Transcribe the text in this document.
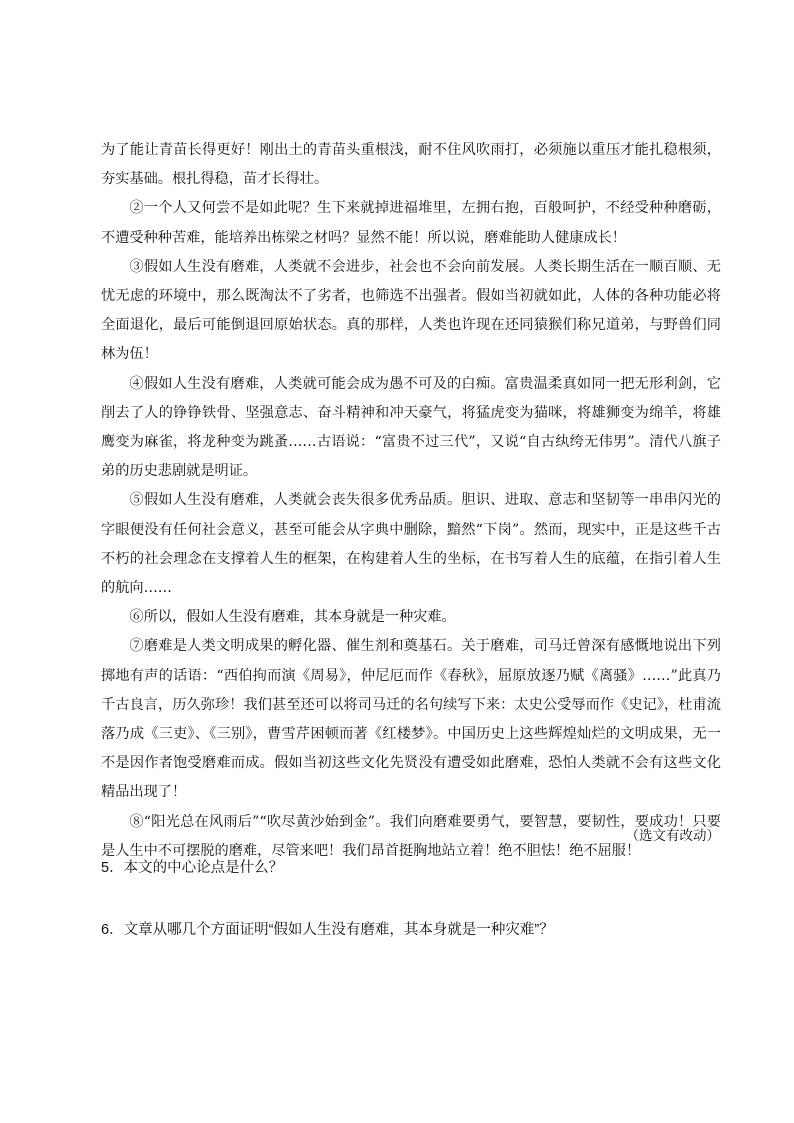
为了能让青苗长得更好！刚出土的青苗头重根浅，耐不住风吹雨打，必须施以重压才能扎稳根须，夯实基础。根扎得稳，苗才长得壮。

②一个人又何尝不是如此呢？生下来就掉进福堆里，左拥右抱，百般呵护，不经受种种磨砺，不遭受种种苦难，能培养出栋梁之材吗？显然不能！所以说，磨难能助人健康成长！

③假如人生没有磨难，人类就不会进步，社会也不会向前发展。人类长期生活在一顺百顺、无忧无虑的环境中，那么既淘汰不了劣者，也筛选不出强者。假如当初就如此，人体的各种功能必将全面退化，最后可能倒退回原始状态。真的那样，人类也许现在还同猿猴们称兄道弟，与野兽们同林为伍！

④假如人生没有磨难，人类就可能会成为愚不可及的白痴。富贵温柔真如同一把无形利剑，它削去了人的铮铮铁骨、坚强意志、奋斗精神和冲天豪气，将猛虎变为猫咪，将雄狮变为绵羊，将雄鹰变为麻雀，将龙种变为跳蚤……古语说：“富贵不过三代”，又说“自古纨绔无伟男”。清代八旗子弟的历史悲剧就是明证。

⑤假如人生没有磨难，人类就会丧失很多优秀品质。胆识、进取、意志和坚韧等一串串闪光的字眼便没有任何社会意义，甚至可能会从字典中删除，黯然“下岗”。然而，现实中，正是这些千古不朽的社会理念在支撑着人生的框架，在构建着人生的坐标，在书写着人生的底蕴，在指引着人生的航向……

⑥所以，假如人生没有磨难，其本身就是一种灾难。

⑦磨难是人类文明成果的孵化器、催生剂和奠基石。关于磨难，司马迁曾深有感慨地说出下列掷地有声的话语：“西伯拘而演《周易》，仲尼厄而作《春秋》，屈原放逐乃赋《离骚》……”此真乃千古良言，历久弥珍！我们甚至还可以将司马迁的名句续写下来：太史公受辱而作《史记》，杜甫流落乃成《三吏》、《三别》，曹雪芹困顿而著《红楼梦》。中国历史上这些辉煌灿烂的文明成果，无一不是因作者饱受磨难而成。假如当初这些文化先贤没有遭受如此磨难，恐怕人类就不会有这些文化精品出现了！

⑧“阳光总在风雨后”“吹尽黄沙始到金”。我们向磨难要勇气，要智慧，要韧性，要成功！只要是人生中不可摆脱的磨难，尽管来吧！我们昂首挺胸地站立着！绝不胆怯！绝不屈服！

（选文有改动）
5．本文的中心论点是什么？
6．文章从哪几个方面证明“假如人生没有磨难，其本身就是一种灾难”？
